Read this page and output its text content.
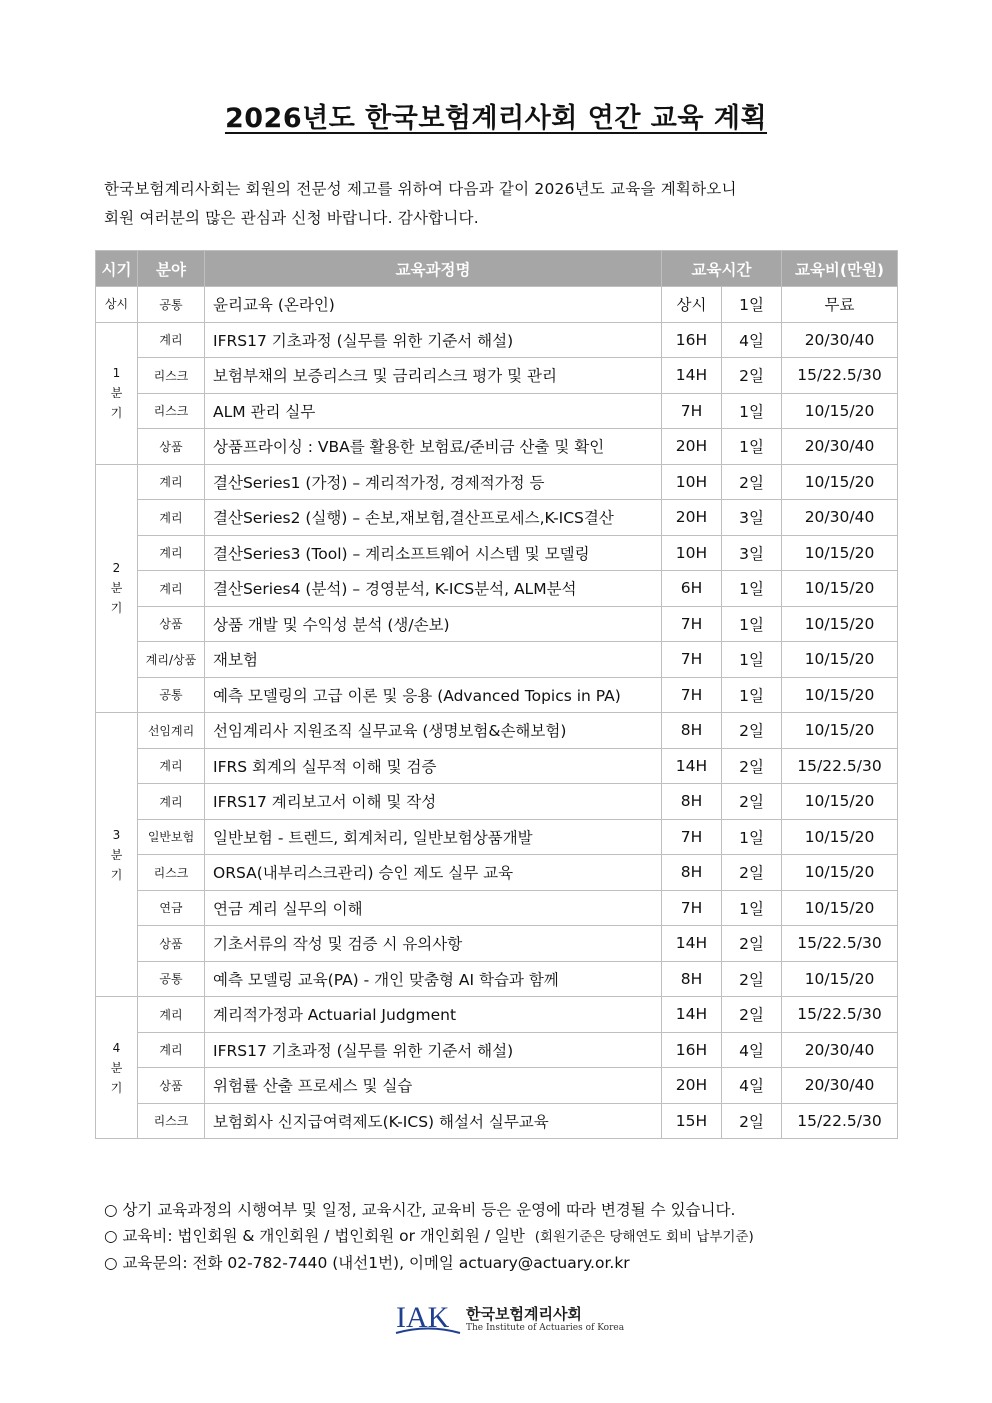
2026년도 한국보험계리사회 연간 교육 계획
한국보험계리사회는 회원의 전문성 제고를 위하여 다음과 같이 2026년도 교육을 계획하오니
회원 여러분의 많은 관심과 신청 바랍니다. 감사합니다.
시기	분야	교육과정명	교육시간		교육비(만원)

상시	공통	윤리교육 (온라인)	상시	1일	무료

1
분
기	계리	IFRS17 기초과정 (실무를 위한 기준서 해설)	16H	4일	20/30/40
	리스크	보험부채의 보증리스크 및 금리리스크 평가 및 관리	14H	2일	15/22.5/30
	리스크	ALM 관리 실무	7H	1일	10/15/20
	상품	상품프라이싱 : VBA를 활용한 보험료/준비금 산출 및 확인	20H	1일	20/30/40

2
분
기	계리	결산Series1 (가정) – 계리적가정, 경제적가정 등	10H	2일	10/15/20
	계리	결산Series2 (실행) – 손보,재보험,결산프로세스,K-ICS결산	20H	3일	20/30/40
	계리	결산Series3 (Tool) – 계리소프트웨어 시스템 및 모델링	10H	3일	10/15/20
	계리	결산Series4 (분석) – 경영분석, K-ICS분석, ALM분석	6H	1일	10/15/20
	상품	상품 개발 및 수익성 분석 (생/손보)	7H	1일	10/15/20
	계리/상품	재보험	7H	1일	10/15/20
	공통	예측 모델링의 고급 이론 및 응용 (Advanced Topics in PA)	7H	1일	10/15/20

3
분
기	선임계리	선임계리사 지원조직 실무교육 (생명보험&손해보험)	8H	2일	10/15/20
	계리	IFRS 회계의 실무적 이해 및 검증	14H	2일	15/22.5/30
	계리	IFRS17 계리보고서 이해 및 작성	8H	2일	10/15/20
	일반보험	일반보험 - 트렌드, 회계처리, 일반보험상품개발	7H	1일	10/15/20
	리스크	ORSA(내부리스크관리) 승인 제도 실무 교육	8H	2일	10/15/20
	연금	연금 계리 실무의 이해	7H	1일	10/15/20
	상품	기초서류의 작성 및 검증 시 유의사항	14H	2일	15/22.5/30
	공통	예측 모델링 교육(PA) - 개인 맞춤형 AI 학습과 함께	8H	2일	10/15/20

4
분
기	계리	계리적가정과 Actuarial Judgment	14H	2일	15/22.5/30
	계리	IFRS17 기초과정 (실무를 위한 기준서 해설)	16H	4일	20/30/40
	상품	위험률 산출 프로세스 및 실습	20H	4일	20/30/40
	리스크	보험회사 신지급여력제도(K-ICS) 해설서 실무교육	15H	2일	15/22.5/30
○ 상기 교육과정의 시행여부 및 일정, 교육시간, 교육비 등은 운영에 따라 변경될 수 있습니다.
○ 교육비: 법인회원 & 개인회원 / 법인회원 or 개인회원 / 일반 (회원기준은 당해연도 회비 납부기준)
○ 교육문의: 전화 02-782-7440 (내선1번), 이메일 actuary@actuary.or.kr
IAK 한국보험계리사회
The Institute of Actuaries of Korea
